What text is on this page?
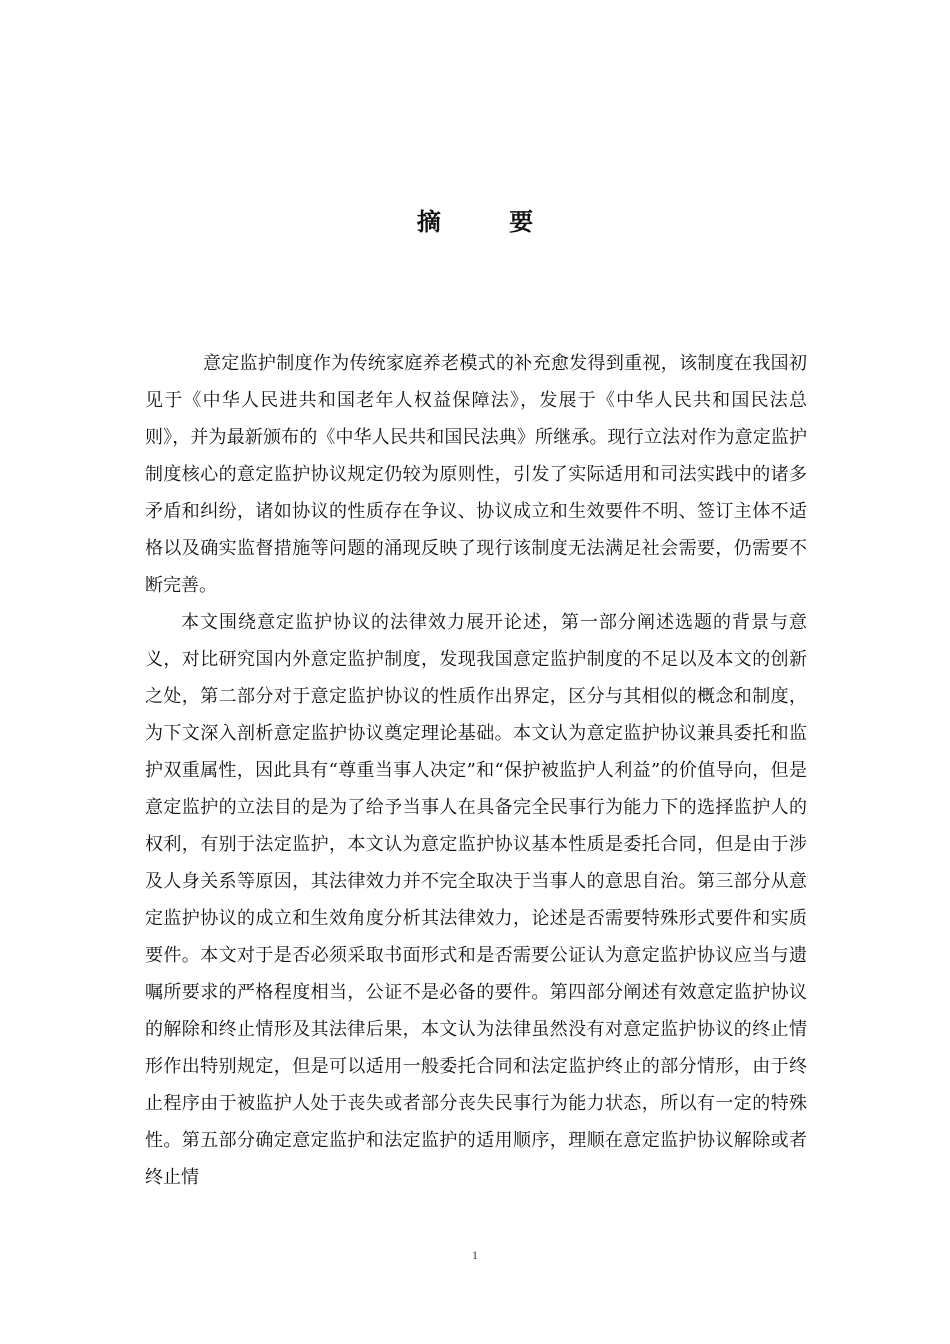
摘 要

意定监护制度作为传统家庭养老模式的补充愈发得到重视，该制度在我国初见于《中华人民进共和国老年人权益保障法》，发展于《中华人民共和国民法总则》，并为最新颁布的《中华人民共和国民法典》所继承。现行立法对作为意定监护制度核心的意定监护协议规定仍较为原则性，引发了实际适用和司法实践中的诸多矛盾和纠纷，诸如协议的性质存在争议、协议成立和生效要件不明、签订主体不适格以及确实监督措施等问题的涌现反映了现行该制度无法满足社会需要，仍需要不断完善。

本文围绕意定监护协议的法律效力展开论述，第一部分阐述选题的背景与意义，对比研究国内外意定监护制度，发现我国意定监护制度的不足以及本文的创新之处，第二部分对于意定监护协议的性质作出界定，区分与其相似的概念和制度，为下文深入剖析意定监护协议奠定理论基础。本文认为意定监护协议兼具委托和监护双重属性，因此具有“尊重当事人决定”和“保护被监护人利益”的价值导向，但是意定监护的立法目的是为了给予当事人在具备完全民事行为能力下的选择监护人的权利，有别于法定监护，本文认为意定监护协议基本性质是委托合同，但是由于涉及人身关系等原因，其法律效力并不完全取决于当事人的意思自治。第三部分从意定监护协议的成立和生效角度分析其法律效力，论述是否需要特殊形式要件和实质要件。本文对于是否必须采取书面形式和是否需要公证认为意定监护协议应当与遗嘱所要求的严格程度相当，公证不是必备的要件。第四部分阐述有效意定监护协议的解除和终止情形及其法律后果，本文认为法律虽然没有对意定监护协议的终止情形作出特别规定，但是可以适用一般委托合同和法定监护终止的部分情形，由于终止程序由于被监护人处于丧失或者部分丧失民事行为能力状态，所以有一定的特殊性。第五部分确定意定监护和法定监护的适用顺序，理顺在意定监护协议解除或者终止情

1
